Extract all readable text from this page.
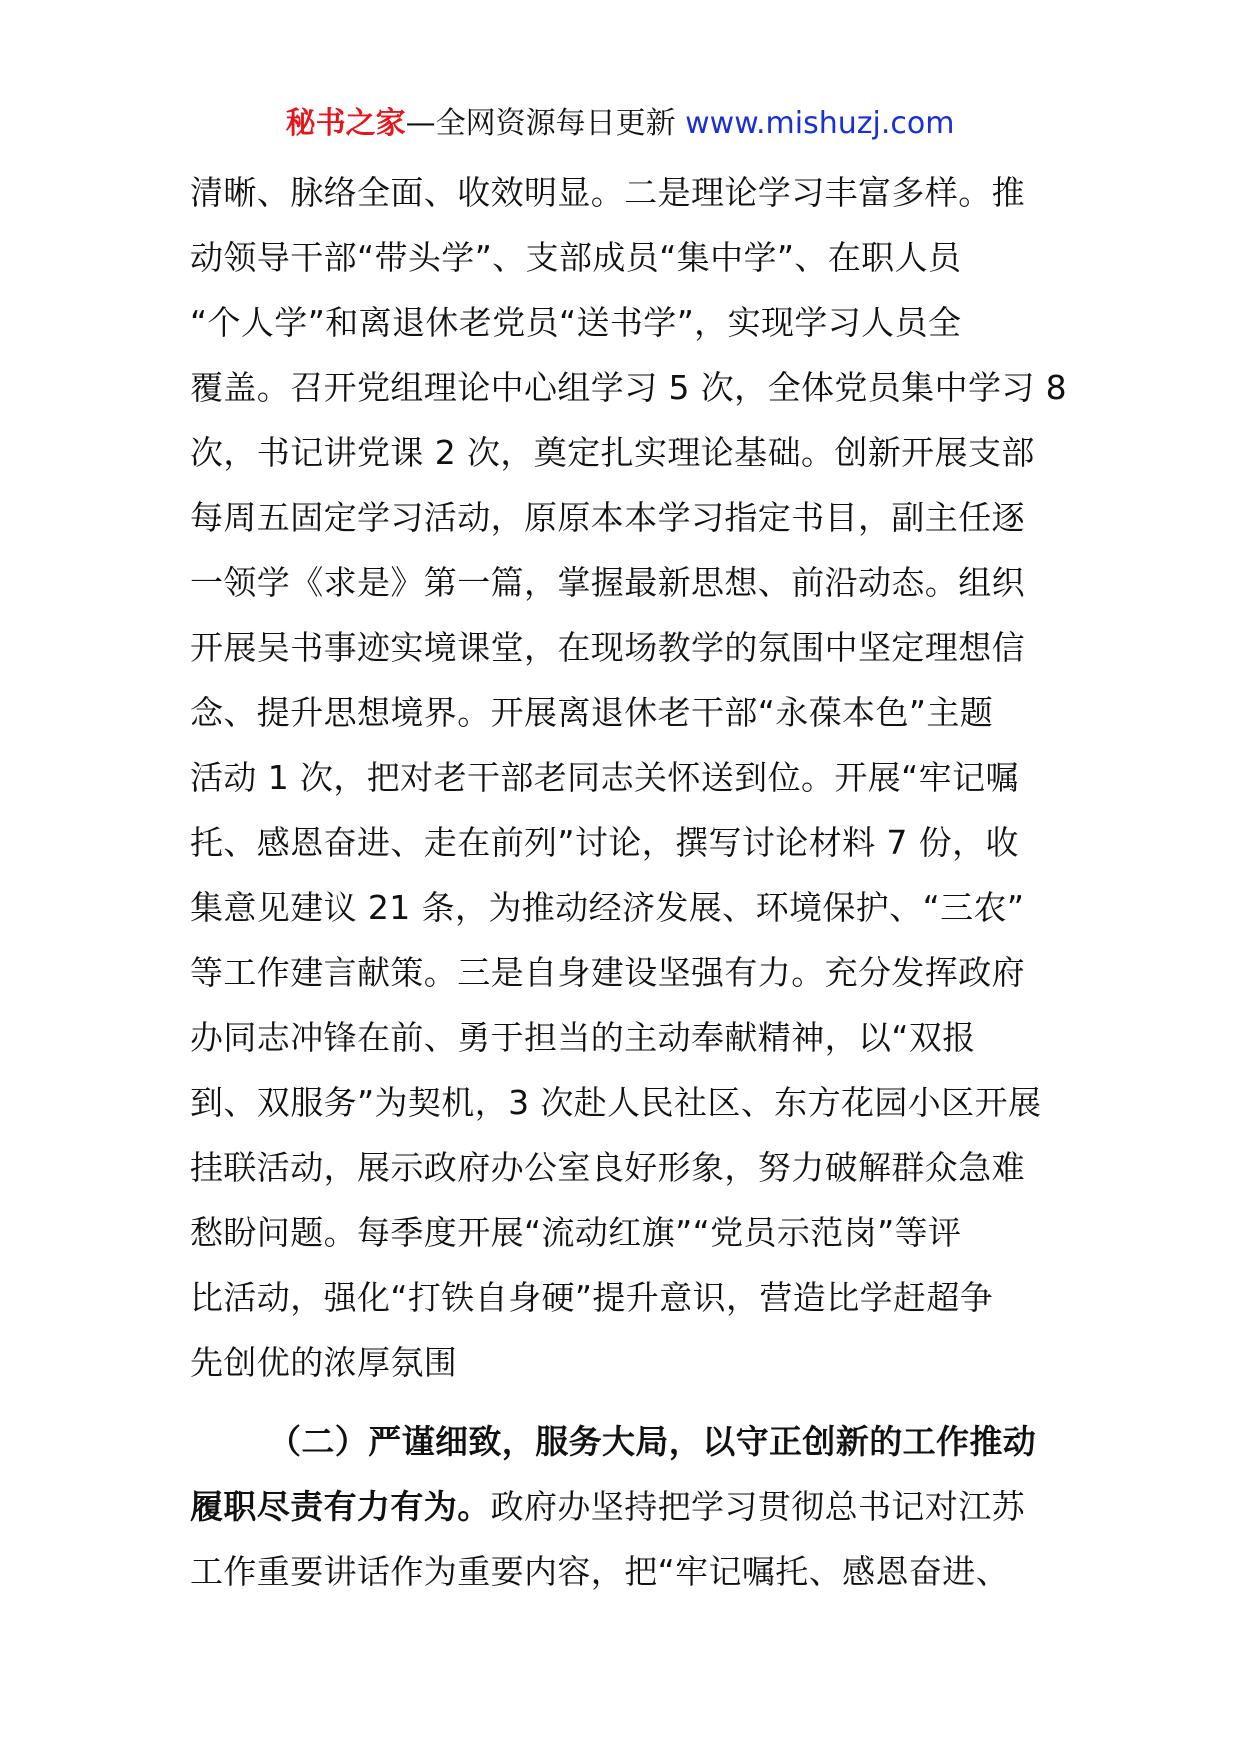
秘书之家—全网资源每日更新 www.mishuzj.com
清晰、脉络全面、收效明显。二是理论学习丰富多样。推
动领导干部“带头学”、支部成员“集中学”、在职人员
“个人学”和离退休老党员“送书学”，实现学习人员全
覆盖。召开党组理论中心组学习 5 次，全体党员集中学习 8
次，书记讲党课 2 次，奠定扎实理论基础。创新开展支部
每周五固定学习活动，原原本本学习指定书目，副主任逐
一领学《求是》第一篇，掌握最新思想、前沿动态。组织
开展吴书事迹实境课堂，在现场教学的氛围中坚定理想信
念、提升思想境界。开展离退休老干部“永葆本色”主题
活动 1 次，把对老干部老同志关怀送到位。开展“牢记嘱
托、感恩奋进、走在前列”讨论，撰写讨论材料 7 份，收
集意见建议 21 条，为推动经济发展、环境保护、“三农”
等工作建言献策。三是自身建设坚强有力。充分发挥政府
办同志冲锋在前、勇于担当的主动奉献精神，以“双报
到、双服务”为契机，3 次赴人民社区、东方花园小区开展
挂联活动，展示政府办公室良好形象，努力破解群众急难
愁盼问题。每季度开展“流动红旗”“党员示范岗”等评
比活动，强化“打铁自身硬”提升意识，营造比学赶超争
先创优的浓厚氛围
（二）严谨细致，服务大局，以守正创新的工作推动
履职尽责有力有为。政府办坚持把学习贯彻总书记对江苏
工作重要讲话作为重要内容，把“牢记嘱托、感恩奋进、
